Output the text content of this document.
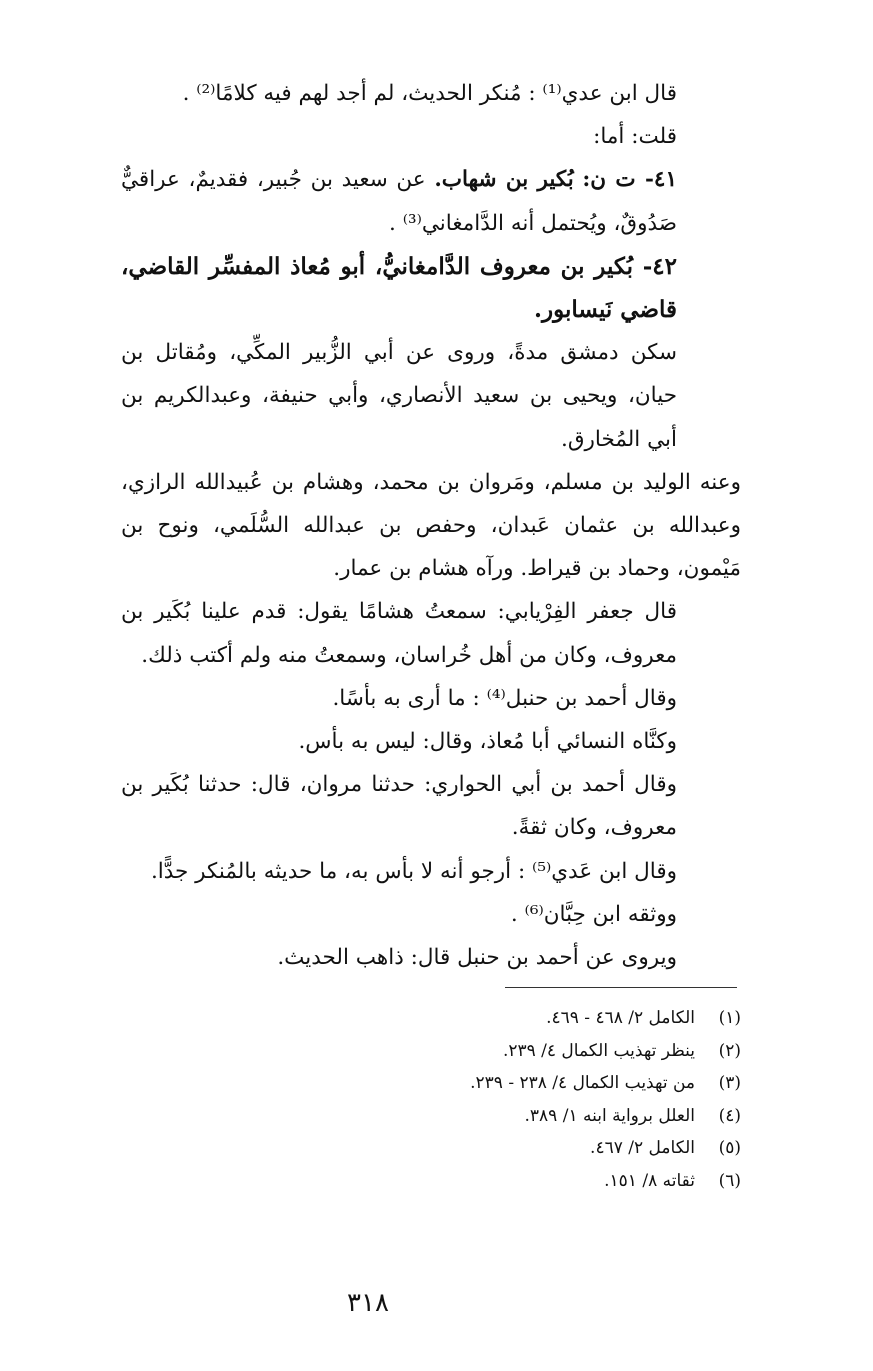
قال ابن عدي⁽¹⁾ : مُنكر الحديث، لم أجد لهم فيه كلامًا⁽²⁾ .

قلت: أما:

٤١- ت ن: بُكير بن شهاب. عن سعيد بن جُبير، فقديمٌ، عراقيٌّ صَدُوقٌ، ويُحتمل أنه الدَّامغاني⁽³⁾ .

٤٢- بُكير بن معروف الدَّامغانيُّ، أبو مُعاذ المفسِّر القاضي، قاضي نَيسابور.

سكن دمشق مدةً، وروى عن أبي الزُّبير المكِّي، ومُقاتل بن حيان، ويحيى بن سعيد الأنصاري، وأبي حنيفة، وعبدالكريم بن أبي المُخارق.

وعنه الوليد بن مسلم، ومَروان بن محمد، وهشام بن عُبيدالله الرازي، وعبدالله بن عثمان عَبدان، وحفص بن عبدالله السُّلَمي، ونوح بن مَيْمون، وحماد بن قيراط. ورآه هشام بن عمار.

قال جعفر الفِرْيابي: سمعتُ هشامًا يقول: قدم علينا بُكَير بن معروف، وكان من أهل خُراسان، وسمعتُ منه ولم أكتب ذلك.

وقال أحمد بن حنبل⁽⁴⁾ : ما أرى به بأسًا.

وكنَّاه النسائي أبا مُعاذ، وقال: ليس به بأس.

وقال أحمد بن أبي الحواري: حدثنا مروان، قال: حدثنا بُكَير بن معروف، وكان ثقةً.

وقال ابن عَدي⁽⁵⁾ : أرجو أنه لا بأس به، ما حديثه بالمُنكر جدًّا.

ووثقه ابن حِبَّان⁽⁶⁾ .

ويروى عن أحمد بن حنبل قال: ذاهب الحديث.

(١)الكامل ٢/ ٤٦٨ - ٤٦٩.
(٢)ينظر تهذيب الكمال ٤/ ٢٣٩.
(٣)من تهذيب الكمال ٤/ ٢٣٨ - ٢٣٩.
(٤)العلل برواية ابنه ١/ ٣٨٩.
(٥)الكامل ٢/ ٤٦٧.
(٦)ثقاته ٨/ ١٥١.
٣١٨
